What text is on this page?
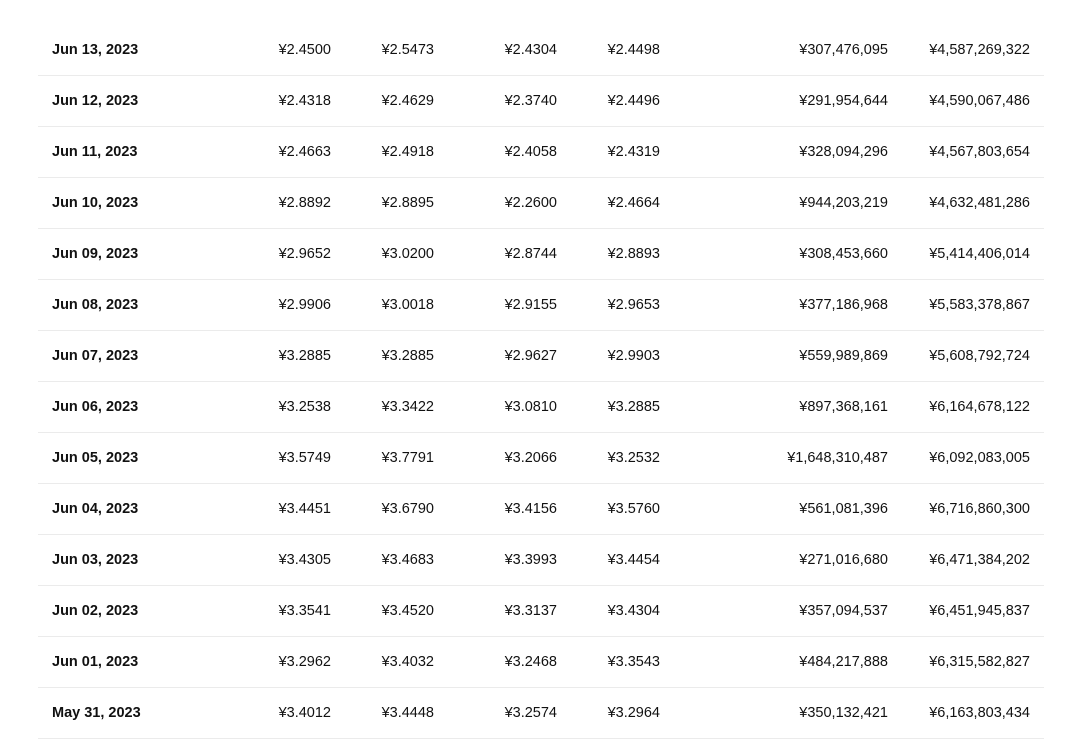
Jun 13, 2023	¥2.4500	¥2.5473	¥2.4304	¥2.4498	¥307,476,095	¥4,587,269,322
Jun 12, 2023	¥2.4318	¥2.4629	¥2.3740	¥2.4496	¥291,954,644	¥4,590,067,486
Jun 11, 2023	¥2.4663	¥2.4918	¥2.4058	¥2.4319	¥328,094,296	¥4,567,803,654
Jun 10, 2023	¥2.8892	¥2.8895	¥2.2600	¥2.4664	¥944,203,219	¥4,632,481,286
Jun 09, 2023	¥2.9652	¥3.0200	¥2.8744	¥2.8893	¥308,453,660	¥5,414,406,014
Jun 08, 2023	¥2.9906	¥3.0018	¥2.9155	¥2.9653	¥377,186,968	¥5,583,378,867
Jun 07, 2023	¥3.2885	¥3.2885	¥2.9627	¥2.9903	¥559,989,869	¥5,608,792,724
Jun 06, 2023	¥3.2538	¥3.3422	¥3.0810	¥3.2885	¥897,368,161	¥6,164,678,122
Jun 05, 2023	¥3.5749	¥3.7791	¥3.2066	¥3.2532	¥1,648,310,487	¥6,092,083,005
Jun 04, 2023	¥3.4451	¥3.6790	¥3.4156	¥3.5760	¥561,081,396	¥6,716,860,300
Jun 03, 2023	¥3.4305	¥3.4683	¥3.3993	¥3.4454	¥271,016,680	¥6,471,384,202
Jun 02, 2023	¥3.3541	¥3.4520	¥3.3137	¥3.4304	¥357,094,537	¥6,451,945,837
Jun 01, 2023	¥3.2962	¥3.4032	¥3.2468	¥3.3543	¥484,217,888	¥6,315,582,827
May 31, 2023	¥3.4012	¥3.4448	¥3.2574	¥3.2964	¥350,132,421	¥6,163,803,434
